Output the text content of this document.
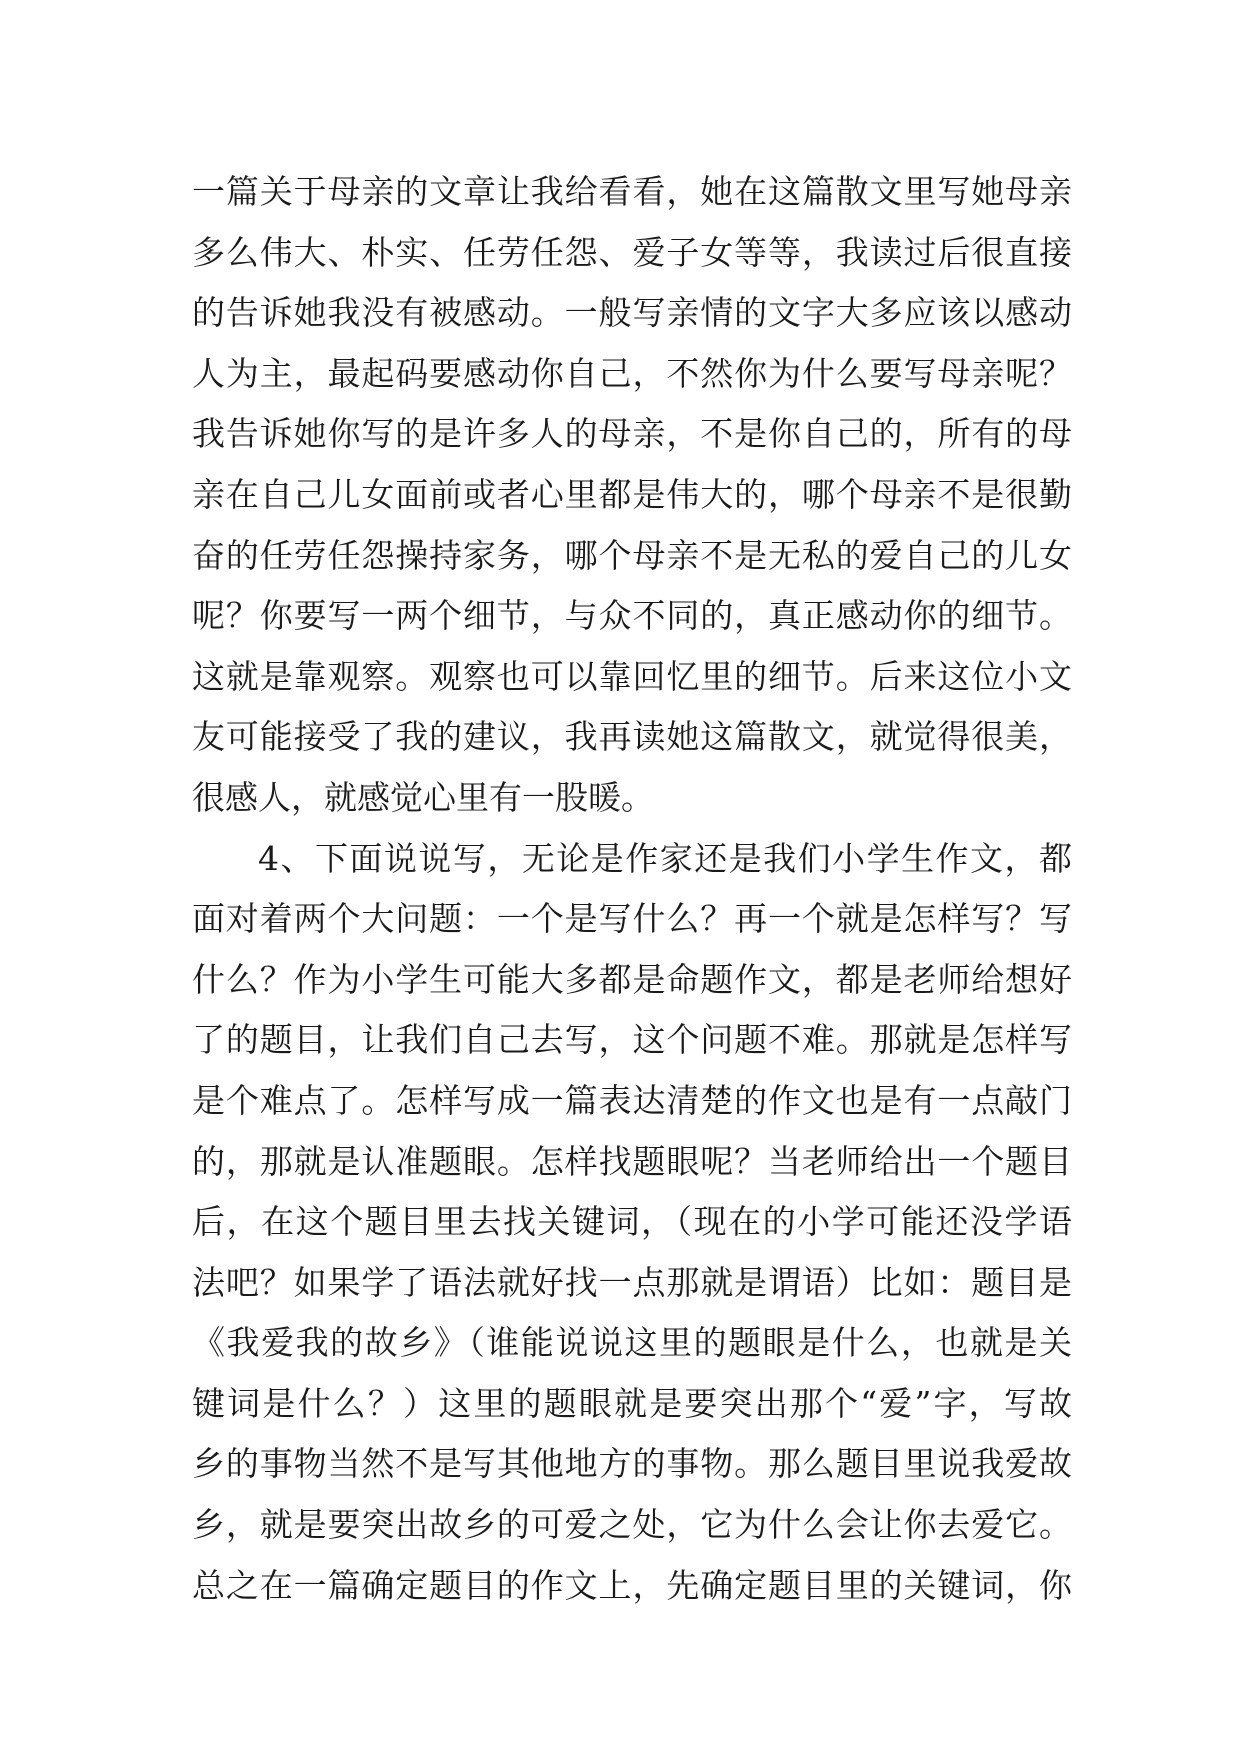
一篇关于母亲的文章让我给看看，她在这篇散文里写她母亲
多么伟大、朴实、任劳任怨、爱子女等等，我读过后很直接
的告诉她我没有被感动。一般写亲情的文字大多应该以感动
人为主，最起码要感动你自己，不然你为什么要写母亲呢？
我告诉她你写的是许多人的母亲，不是你自己的，所有的母
亲在自己儿女面前或者心里都是伟大的，哪个母亲不是很勤
奋的任劳任怨操持家务，哪个母亲不是无私的爱自己的儿女
呢？你要写一两个细节，与众不同的，真正感动你的细节。
这就是靠观察。观察也可以靠回忆里的细节。后来这位小文
友可能接受了我的建议，我再读她这篇散文，就觉得很美，
很感人，就感觉心里有一股暖。
4、下面说说写，无论是作家还是我们小学生作文，都
面对着两个大问题：一个是写什么？再一个就是怎样写？写
什么？作为小学生可能大多都是命题作文，都是老师给想好
了的题目，让我们自己去写，这个问题不难。那就是怎样写
是个难点了。怎样写成一篇表达清楚的作文也是有一点敲门
的，那就是认准题眼。怎样找题眼呢？当老师给出一个题目
后，在这个题目里去找关键词，（现在的小学可能还没学语
法吧？如果学了语法就好找一点那就是谓语）比如：题目是
《我爱我的故乡》（谁能说说这里的题眼是什么，也就是关
键词是什么？）这里的题眼就是要突出那个“爱”字，写故
乡的事物当然不是写其他地方的事物。那么题目里说我爱故
乡，就是要突出故乡的可爱之处，它为什么会让你去爱它。
总之在一篇确定题目的作文上，先确定题目里的关键词，你
